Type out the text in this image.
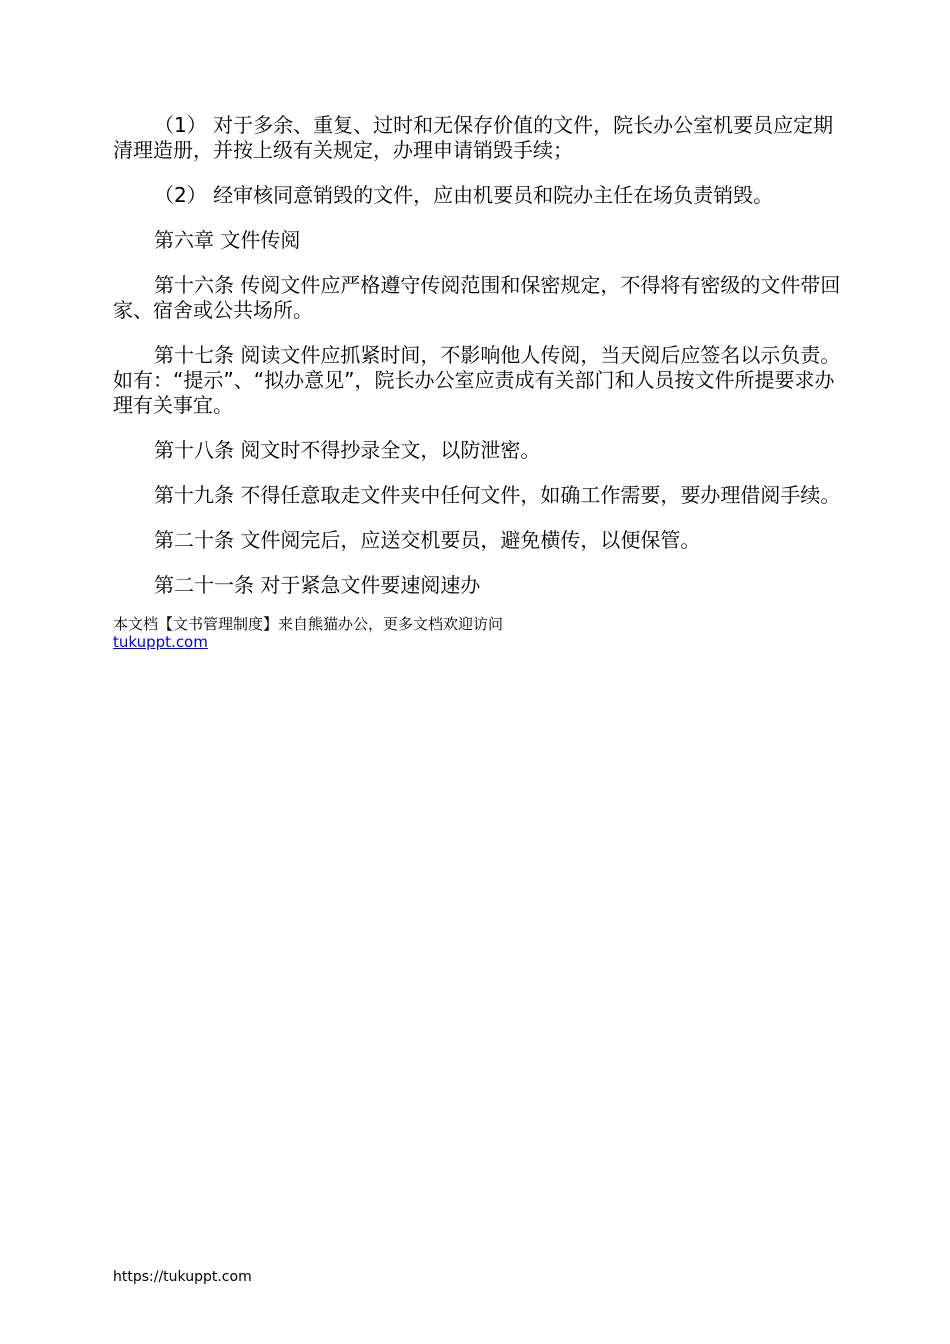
（1） 对于多余、重复、过时和无保存价值的文件，院长办公室机要员应定期清理造册，并按上级有关规定，办理申请销毁手续；

（2） 经审核同意销毁的文件，应由机要员和院办主任在场负责销毁。

第六章 文件传阅

第十六条 传阅文件应严格遵守传阅范围和保密规定，不得将有密级的文件带回家、宿舍或公共场所。

第十七条 阅读文件应抓紧时间，不影响他人传阅，当天阅后应签名以示负责。如有：“提示”、“拟办意见”，院长办公室应责成有关部门和人员按文件所提要求办理有关事宜。

第十八条 阅文时不得抄录全文，以防泄密。

第十九条 不得任意取走文件夹中任何文件，如确工作需要，要办理借阅手续。

第二十条 文件阅完后，应送交机要员，避免横传，以便保管。

第二十一条 对于紧急文件要速阅速办

本文档【文书管理制度】来自熊猫办公，更多文档欢迎访问
tukuppt.com
https://tukuppt.com
